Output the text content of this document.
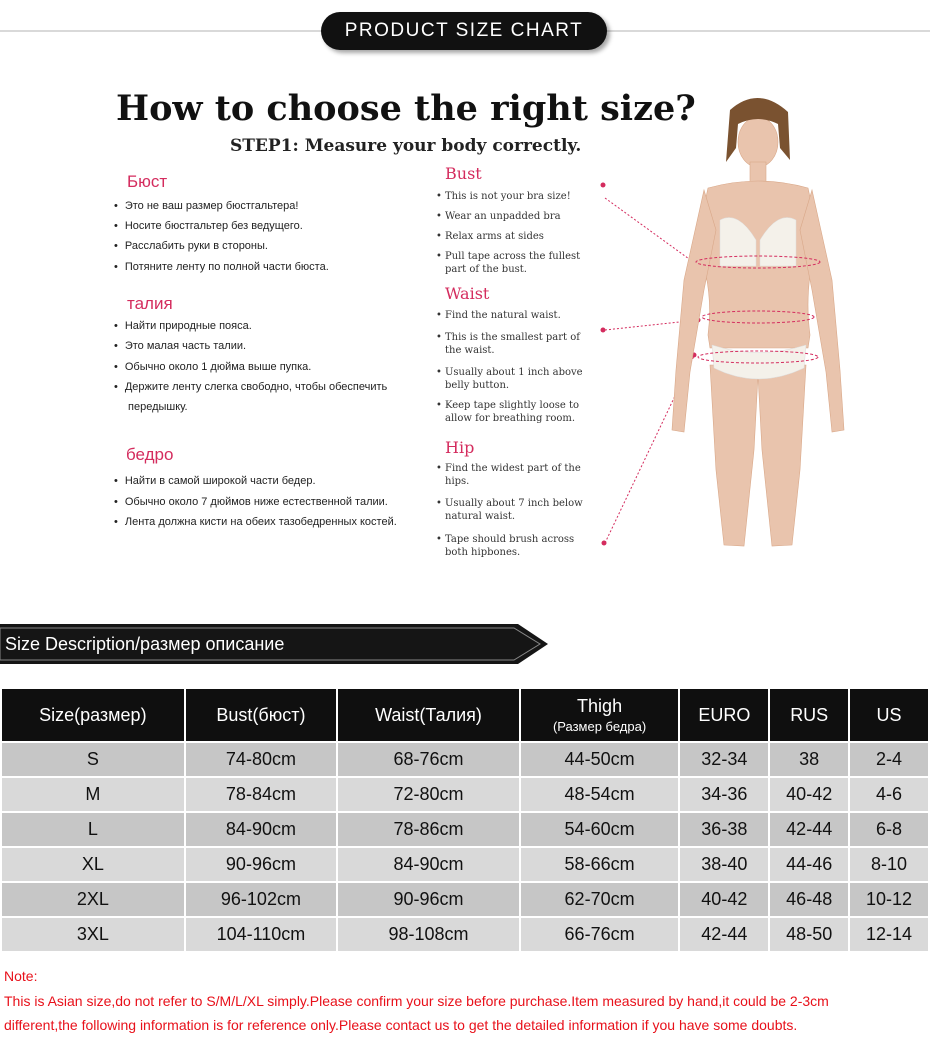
PRODUCT SIZE CHART
How to choose the right size?
STEP1: Measure your body correctly.
Бюст
• Это не ваш размер бюстгальтера!
• Носите бюстгальтер без ведущего.
• Расслабить руки в стороны.
• Потяните ленту по полной части бюста.
талия
• Найти природные пояса.
• Это малая часть талии.
• Обычно около 1 дюйма выше пупка.
• Держите ленту слегка свободно, чтобы обеспечить
передышку.
бедро
• Найти в самой широкой части бедер.
• Обычно около 7 дюймов ниже естественной талии.
• Лента должна кисти на обеих тазобедренных костей.
Bust
• This is not your bra size!
• Wear an unpadded bra
• Relax arms at sides
• Pull tape across the fullest
part of the bust.
Waist
• Find the natural waist.
• This is the smallest part of
the waist.
• Usually about 1 inch above
belly button.
• Keep tape slightly loose to
allow for breathing room.
Hip
• Find the widest part of the
hips.
• Usually about 7 inch below
natural waist.
• Tape should brush across
both hipbones.
Size Description/размер описание
Size(размер)	Bust(бюст)	Waist(Талия)	Thigh
(Размер бедра)	EURO	RUS	US
S	74-80cm	68-76cm	44-50cm	32-34	38	2-4
M	78-84cm	72-80cm	48-54cm	34-36	40-42	4-6
L	84-90cm	78-86cm	54-60cm	36-38	42-44	6-8
XL	90-96cm	84-90cm	58-66cm	38-40	44-46	8-10
2XL	96-102cm	90-96cm	62-70cm	40-42	46-48	10-12
3XL	104-110cm	98-108cm	66-76cm	42-44	48-50	12-14
Note:
This is Asian size,do not refer to S/M/L/XL simply.Please confirm your size before purchase.Item measured by hand,it could be 2-3cm
different,the following information is for reference only.Please contact us to get the detailed information if you have some doubts.
